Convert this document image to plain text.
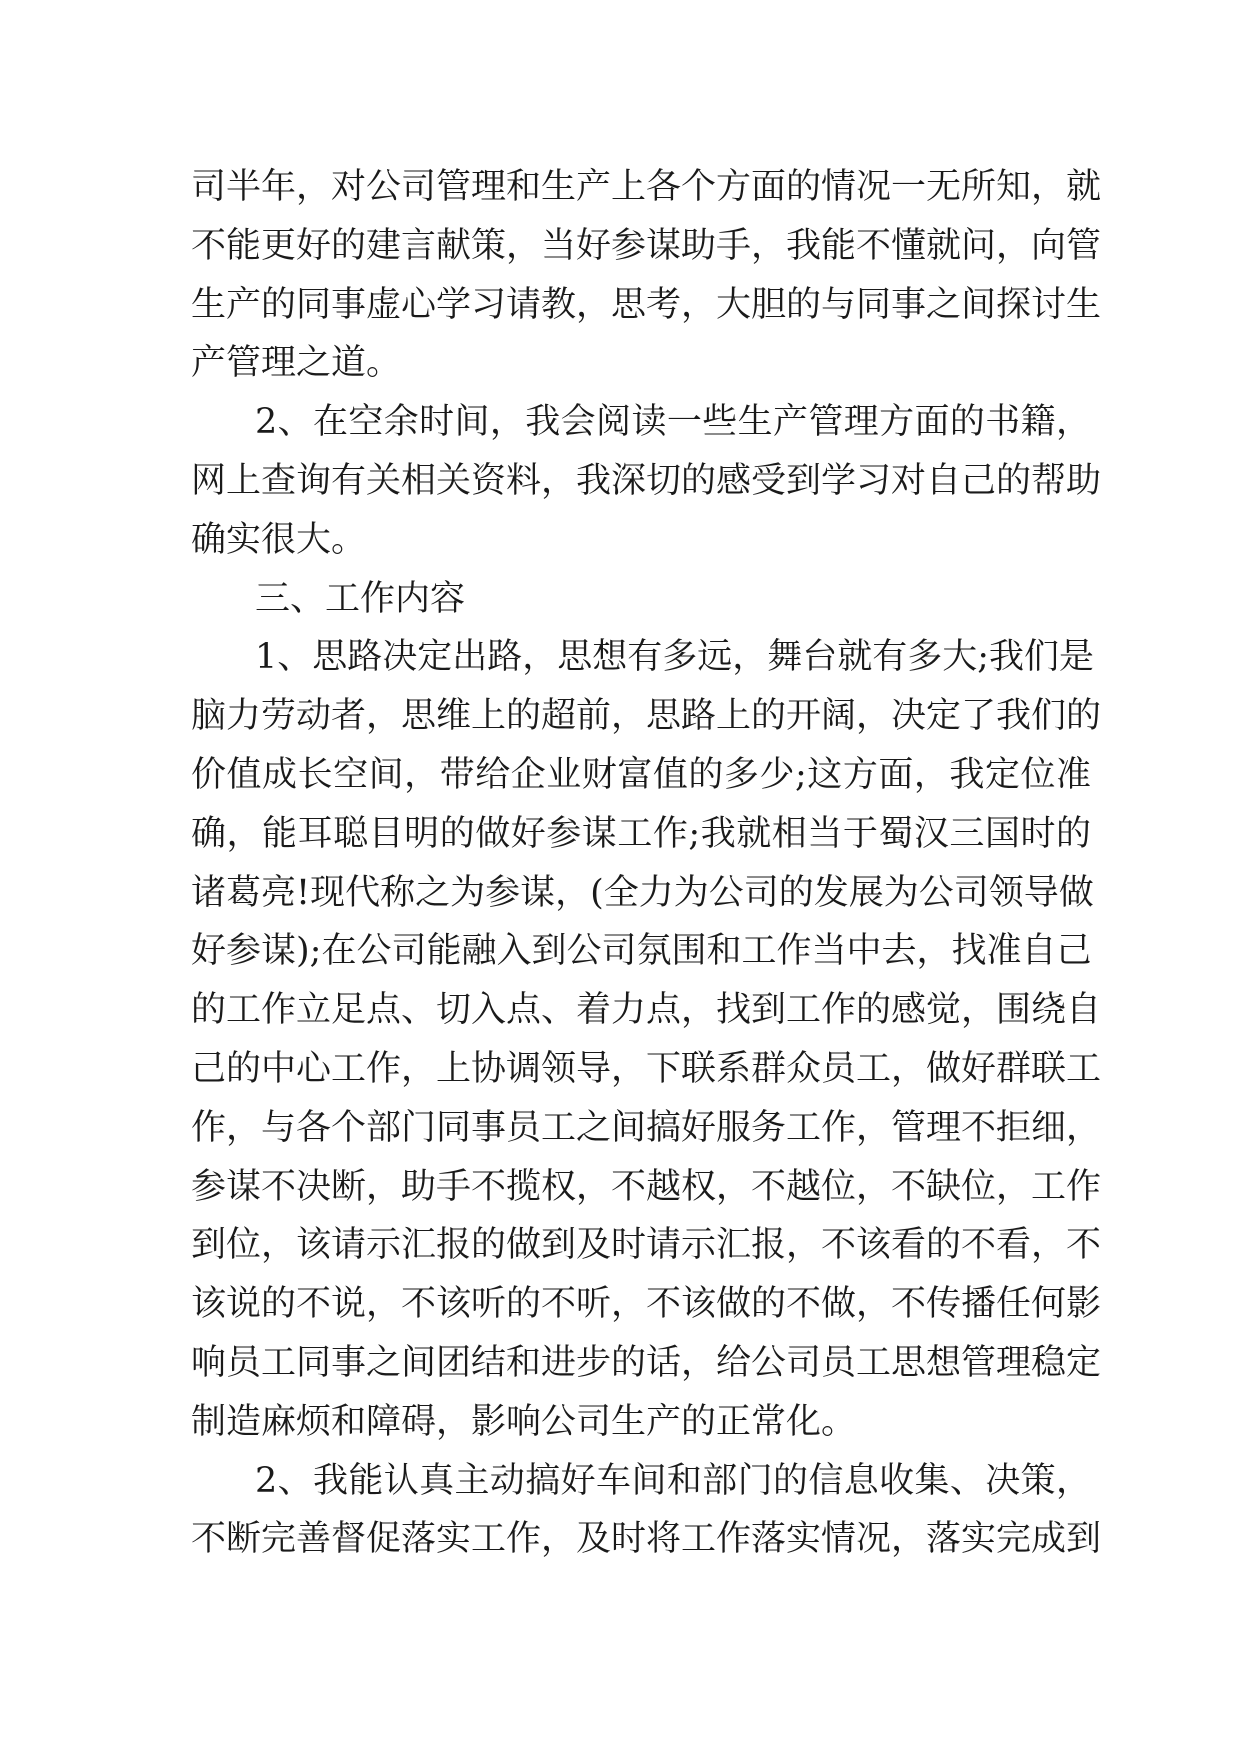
司半年，对公司管理和生产上各个方面的情况一无所知，就
不能更好的建言献策，当好参谋助手，我能不懂就问，向管
生产的同事虚心学习请教，思考，大胆的与同事之间探讨生
产管理之道。
2、在空余时间，我会阅读一些生产管理方面的书籍，
网上查询有关相关资料，我深切的感受到学习对自己的帮助
确实很大。
三、工作内容
1、思路决定出路，思想有多远，舞台就有多大;我们是
脑力劳动者，思维上的超前，思路上的开阔，决定了我们的
价值成长空间，带给企业财富值的多少;这方面，我定位准
确，能耳聪目明的做好参谋工作;我就相当于蜀汉三国时的
诸葛亮!现代称之为参谋，(全力为公司的发展为公司领导做
好参谋);在公司能融入到公司氛围和工作当中去，找准自己
的工作立足点、切入点、着力点，找到工作的感觉，围绕自
己的中心工作，上协调领导，下联系群众员工，做好群联工
作，与各个部门同事员工之间搞好服务工作，管理不拒细，
参谋不决断，助手不揽权，不越权，不越位，不缺位，工作
到位，该请示汇报的做到及时请示汇报，不该看的不看，不
该说的不说，不该听的不听，不该做的不做，不传播任何影
响员工同事之间团结和进步的话，给公司员工思想管理稳定
制造麻烦和障碍，影响公司生产的正常化。
2、我能认真主动搞好车间和部门的信息收集、决策，
不断完善督促落实工作，及时将工作落实情况，落实完成到
